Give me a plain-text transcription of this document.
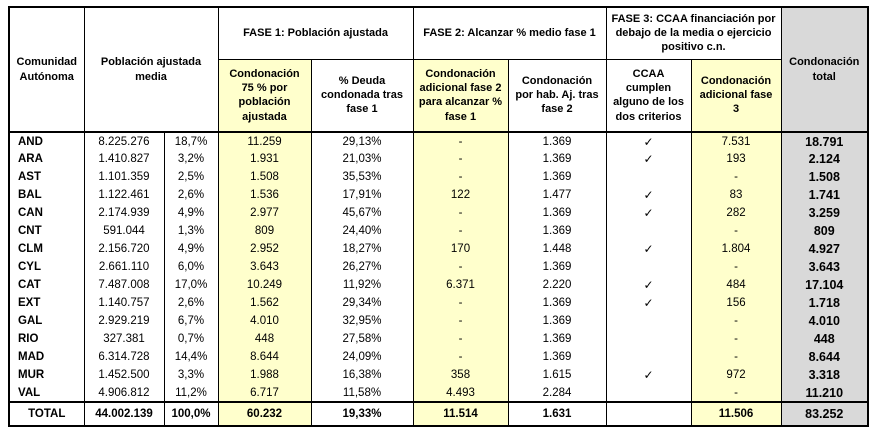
Comunidad Autónoma	Población ajustada media		FASE 1: Población ajustada		FASE 2: Alcanzar % medio fase 1		FASE 3: CCAA financiación por debajo de la media o ejercicio positivo c.n.		Condonación total
			Condonación 75 % por población ajustada	% Deuda condonada tras fase 1	Condonación adicional fase 2 para alcanzar % fase 1	Condonación por hab. Aj. tras fase 2	CCAA cumplen alguno de los dos criterios	Condonación adicional fase 3	
AND	8.225.276	18,7%	11.259	29,13%	-	1.369	✓	7.531	18.791
ARA	1.410.827	3,2%	1.931	21,03%	-	1.369	✓	193	2.124
AST	1.101.359	2,5%	1.508	35,53%	-	1.369		-	1.508
BAL	1.122.461	2,6%	1.536	17,91%	122	1.477	✓	83	1.741
CAN	2.174.939	4,9%	2.977	45,67%	-	1.369	✓	282	3.259
CNT	591.044	1,3%	809	24,40%	-	1.369		-	809
CLM	2.156.720	4,9%	2.952	18,27%	170	1.448	✓	1.804	4.927
CYL	2.661.110	6,0%	3.643	26,27%	-	1.369		-	3.643
CAT	7.487.008	17,0%	10.249	11,92%	6.371	2.220	✓	484	17.104
EXT	1.140.757	2,6%	1.562	29,34%	-	1.369	✓	156	1.718
GAL	2.929.219	6,7%	4.010	32,95%	-	1.369		-	4.010
RIO	327.381	0,7%	448	27,58%	-	1.369		-	448
MAD	6.314.728	14,4%	8.644	24,09%	-	1.369		-	8.644
MUR	1.452.500	3,3%	1.988	16,38%	358	1.615	✓	972	3.318
VAL	4.906.812	11,2%	6.717	11,58%	4.493	2.284		-	11.210
TOTAL	44.002.139	100,0%	60.232	19,33%	11.514	1.631		11.506	83.252
